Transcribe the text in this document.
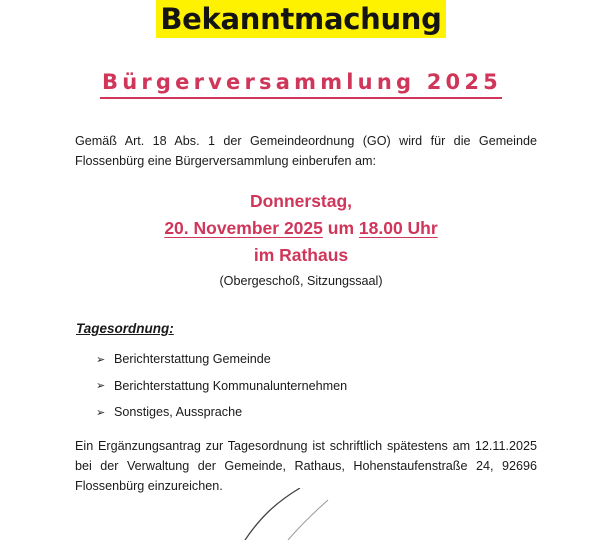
Bekanntmachung
Bürgerversammlung 2025
Gemäß Art. 18 Abs. 1 der Gemeindeordnung (GO) wird für die Gemeinde Flossenbürg eine Bürgerversammlung einberufen am:
Donnerstag,
20. November 2025 um 18.00 Uhr
im Rathaus
(Obergeschoß, Sitzungssaal)
Tagesordnung:
➢ Berichterstattung Gemeinde
➢ Berichterstattung Kommunalunternehmen
➢ Sonstiges, Aussprache
Ein Ergänzungsantrag zur Tagesordnung ist schriftlich spätestens am 12.11.2025
bei der Verwaltung der Gemeinde, Rathaus, Hohenstaufenstraße 24, 92696
Flossenbürg einzureichen.
